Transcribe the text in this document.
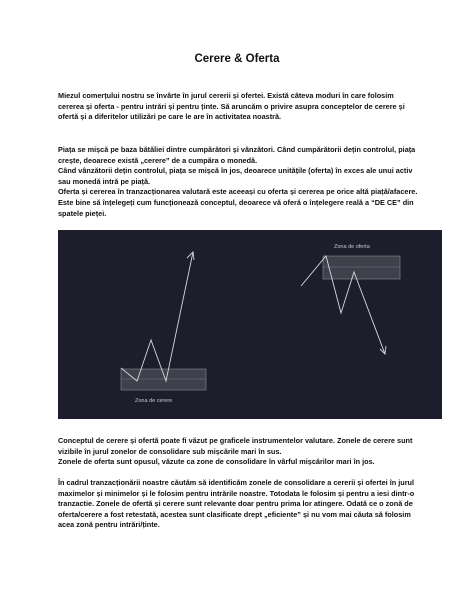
Cerere & Oferta

Miezul comerțului nostru se învârte în jurul cererii și ofertei. Există câteva moduri în care folosim cererea și oferta - pentru intrări și pentru ținte. Să aruncăm o privire asupra conceptelor de cerere și ofertă și a diferitelor utilizări pe care le are în activitatea noastră.

Piața se mișcă pe baza bătăliei dintre cumpărători și vânzători. Când cumpărătorii dețin controlul, piața crește, deoarece există „cerere” de a cumpăra o monedă.

Când vânzătorii dețin controlul, piața se mișcă în jos, deoarece unitățile (oferta) în exces ale unui activ sau monedă intră pe piață.

Oferta și cererea în tranzacționarea valutară este aceeași cu oferta și cererea pe orice altă piață/afacere. Este bine să înțelegeți cum funcționează conceptul, deoarece vă oferă o înțelegere reală a “DE CE” din spatele pieței.

Zona de cerere
Zona de oferta

Conceptul de cerere și ofertă poate fi văzut pe graficele instrumentelor valutare. Zonele de cerere sunt vizibile în jurul zonelor de consolidare sub mișcările mari în sus.

Zonele de oferta sunt opusul, văzute ca zone de consolidare în vârful mișcărilor mari în jos.

În cadrul tranzacționării noastre căutăm să identificăm zonele de consolidare a cererii și ofertei în jurul maximelor și minimelor și le folosim pentru intrările noastre. Totodata le folosim și pentru a iesi dintr-o tranzactie. Zonele de ofertă și cerere sunt relevante doar pentru prima lor atingere. Odată ce o zonă de oferta/cerere a fost retestată, acestea sunt clasificate drept „eficiente” și nu vom mai căuta să folosim acea zonă pentru intrări/ținte.
